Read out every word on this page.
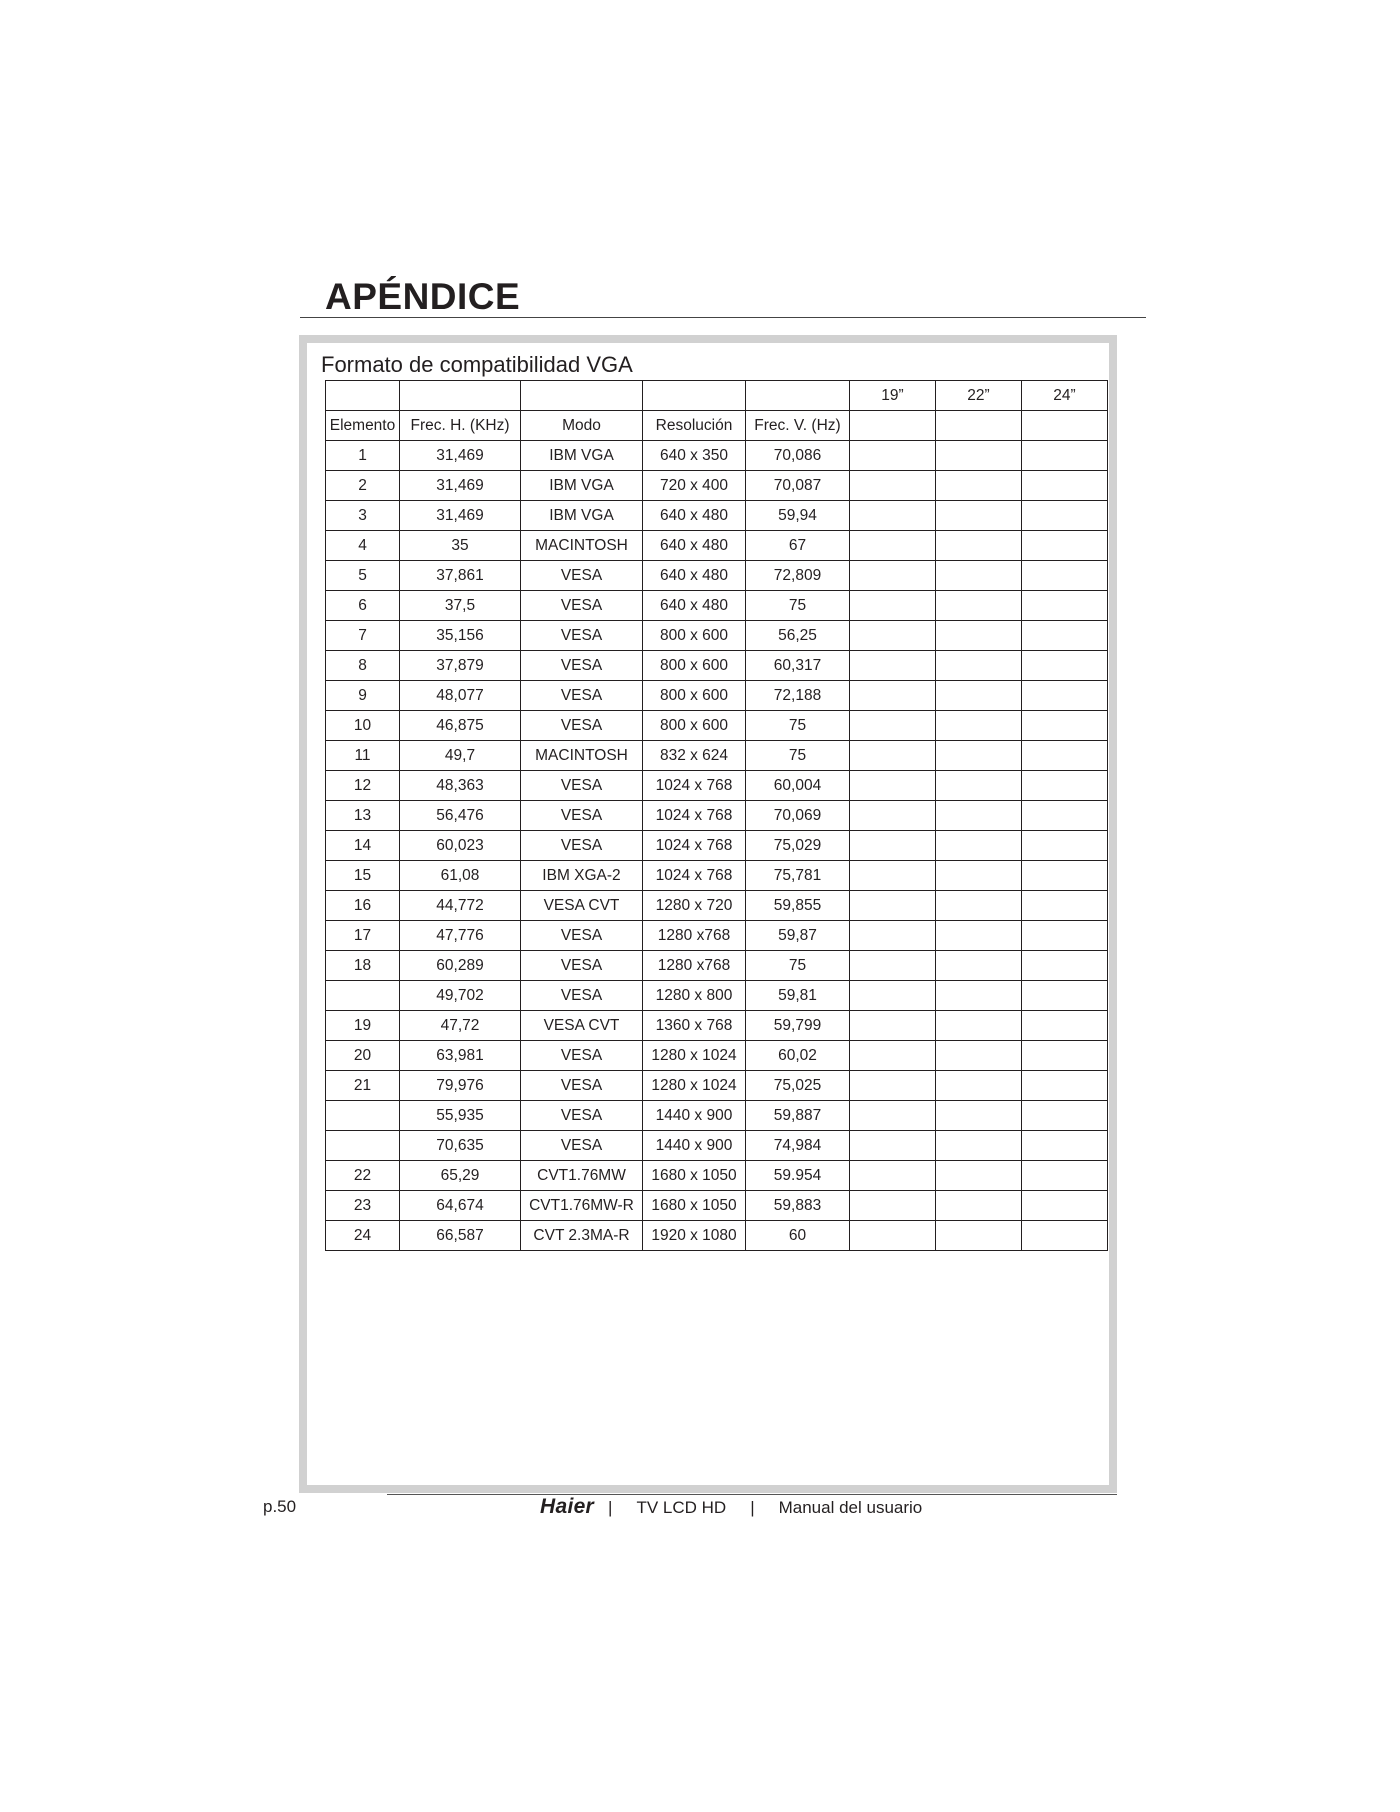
APÉNDICE
Formato de compatibilidad VGA
					19”	22”	24”
Elemento	Frec. H. (KHz)	Modo	Resolución	Frec. V. (Hz)			
1	31,469	IBM VGA	640 x 350	70,086			
2	31,469	IBM VGA	720 x 400	70,087			
3	31,469	IBM VGA	640 x 480	59,94			
4	35	MACINTOSH	640 x 480	67			
5	37,861	VESA	640 x 480	72,809			
6	37,5	VESA	640 x 480	75			
7	35,156	VESA	800 x 600	56,25			
8	37,879	VESA	800 x 600	60,317			
9	48,077	VESA	800 x 600	72,188			
10	46,875	VESA	800 x 600	75			
11	49,7	MACINTOSH	832 x 624	75			
12	48,363	VESA	1024 x 768	60,004			
13	56,476	VESA	1024 x 768	70,069			
14	60,023	VESA	1024 x 768	75,029			
15	61,08	IBM XGA-2	1024 x 768	75,781			
16	44,772	VESA CVT	1280 x 720	59,855			
17	47,776	VESA	1280 x768	59,87			
18	60,289	VESA	1280 x768	75			
	49,702	VESA	1280 x 800	59,81			
19	47,72	VESA CVT	1360 x 768	59,799			
20	63,981	VESA	1280 x 1024	60,02			
21	79,976	VESA	1280 x 1024	75,025			
	55,935	VESA	1440 x 900	59,887			
	70,635	VESA	1440 x 900	74,984			
22	65,29	CVT1.76MW	1680 x 1050	59.954			
23	64,674	CVT1.76MW-R	1680 x 1050	59,883			
24	66,587	CVT 2.3MA-R	1920 x 1080	60			
p.50	Haier | TV LCD HD | Manual del usuario
